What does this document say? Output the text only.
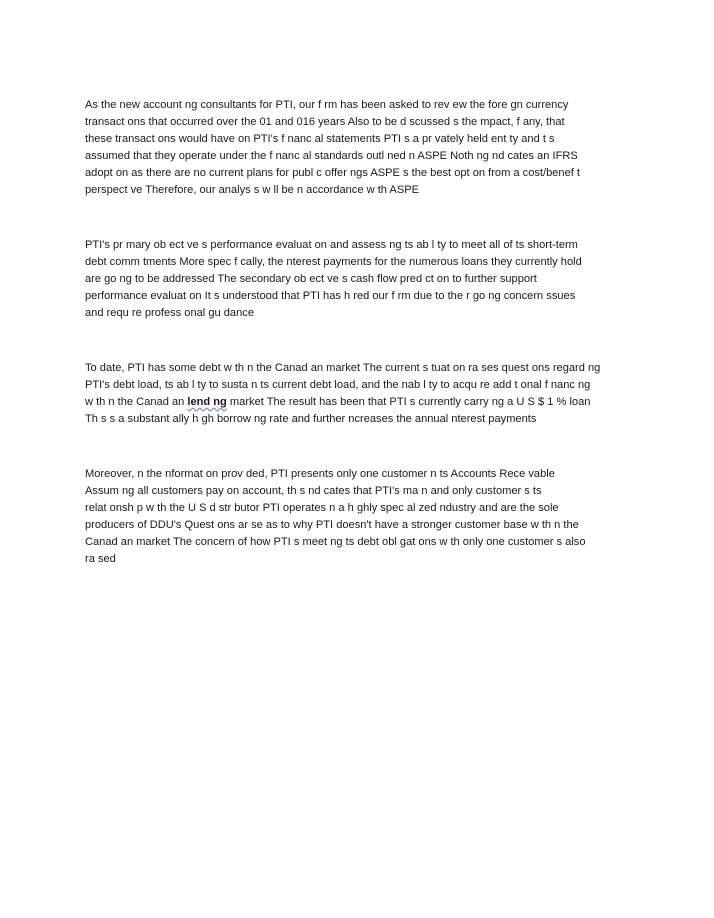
As the new account ng consultants for PTI, our f rm has been asked to rev ew the fore gn currency
transact ons that occurred over the 01 and 016 years Also to be d scussed s the mpact, f any, that
these transact ons would have on PTI's f nanc al statements PTI s a pr vately held ent ty and t s
assumed that they operate under the f nanc al standards outl ned n ASPE Noth ng nd cates an IFRS
adopt on as there are no current plans for publ c offer ngs ASPE s the best opt on from a cost/benef t
perspect ve Therefore, our analys s w ll be n accordance w th ASPE

PTI's pr mary ob ect ve s performance evaluat on and assess ng ts ab l ty to meet all of ts short-term
debt comm tments More spec f cally, the nterest payments for the numerous loans they currently hold
are go ng to be addressed The secondary ob ect ve s cash flow pred ct on to further support
performance evaluat on It s understood that PTI has h red our f rm due to the r go ng concern ssues
and requ re profess onal gu dance

To date, PTI has some debt w th n the Canad an market The current s tuat on ra ses quest ons regard ng
PTI's debt load, ts ab l ty to susta n ts current debt load, and the nab l ty to acqu re add t onal f nanc ng
w th n the Canad an lend ng market The result has been that PTI s currently carry ng a U S $ 1 % loan
Th s s a substant ally h gh borrow ng rate and further ncreases the annual nterest payments

Moreover, n the nformat on prov ded, PTI presents only one customer n ts Accounts Rece vable
Assum ng all customers pay on account, th s nd cates that PTI's ma n and only customer s ts
relat onsh p w th the U S d str butor PTI operates n a h ghly spec al zed ndustry and are the sole
producers of DDU's Quest ons ar se as to why PTI doesn't have a stronger customer base w th n the
Canad an market The concern of how PTI s meet ng ts debt obl gat ons w th only one customer s also
ra sed
